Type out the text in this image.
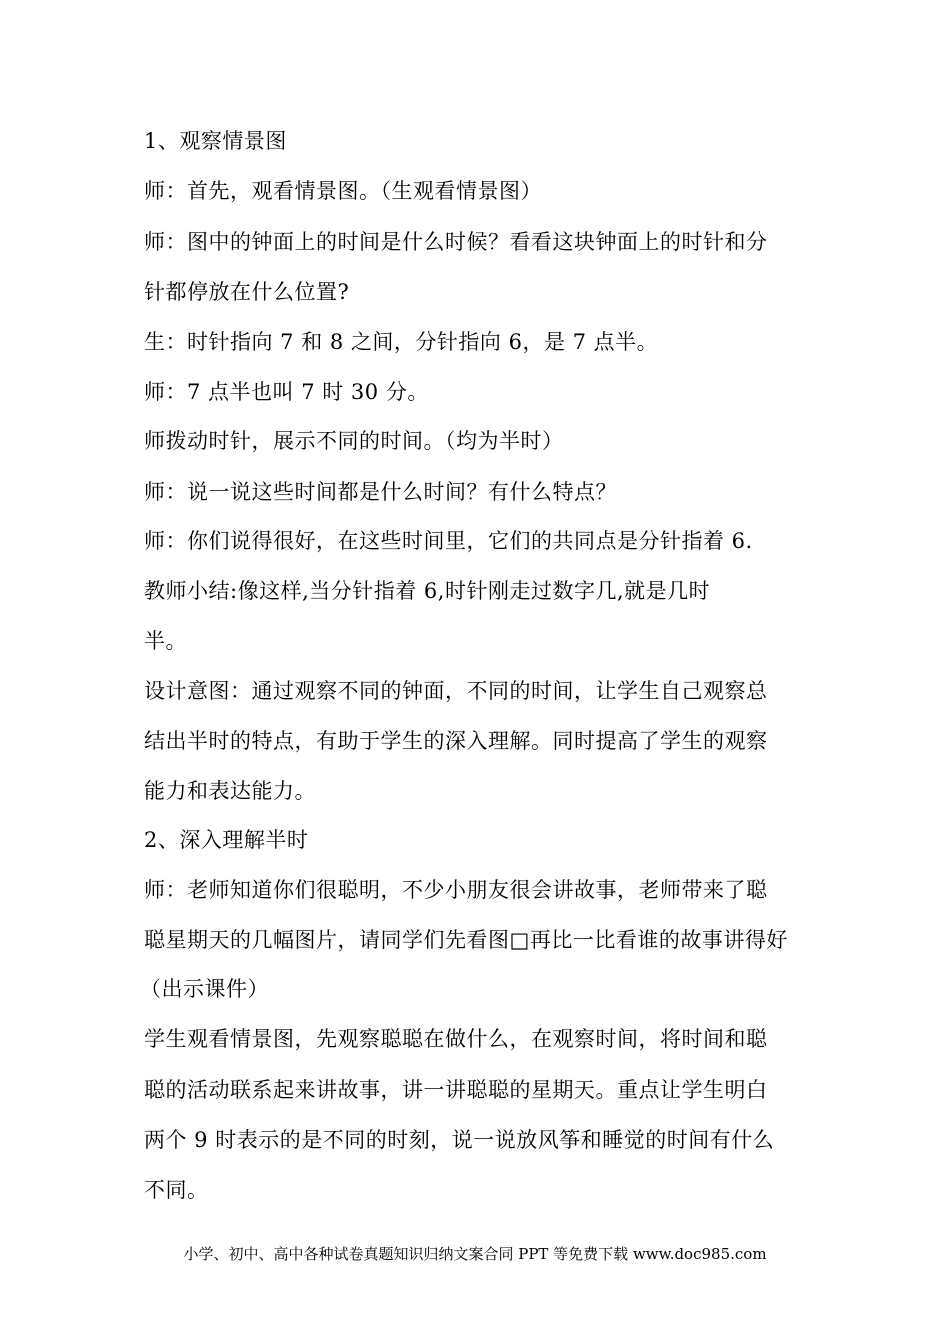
1、观察情景图
师：首先，观看情景图。（生观看情景图）
师：图中的钟面上的时间是什么时候？看看这块钟面上的时针和分
针都停放在什么位置?
生：时针指向 7 和 8 之间，分针指向 6，是 7 点半。
师：7 点半也叫 7 时 30 分。
师拨动时针，展示不同的时间。（均为半时）
师：说一说这些时间都是什么时间？有什么特点？
师：你们说得很好，在这些时间里，它们的共同点是分针指着 6.
教师小结:像这样,当分针指着 6,时针刚走过数字几,就是几时
半。
设计意图：通过观察不同的钟面，不同的时间，让学生自己观察总
结出半时的特点，有助于学生的深入理解。同时提高了学生的观察
能力和表达能力。
2、深入理解半时
师：老师知道你们很聪明，不少小朋友很会讲故事，老师带来了聪
聪星期天的几幅图片，请同学们先看图□再比一比看谁的故事讲得好
（出示课件）
学生观看情景图，先观察聪聪在做什么，在观察时间，将时间和聪
聪的活动联系起来讲故事，讲一讲聪聪的星期天。重点让学生明白
两个 9 时表示的是不同的时刻，说一说放风筝和睡觉的时间有什么
不同。
小学、初中、高中各种试卷真题知识归纳文案合同 PPT 等免费下载 www.doc985.com
